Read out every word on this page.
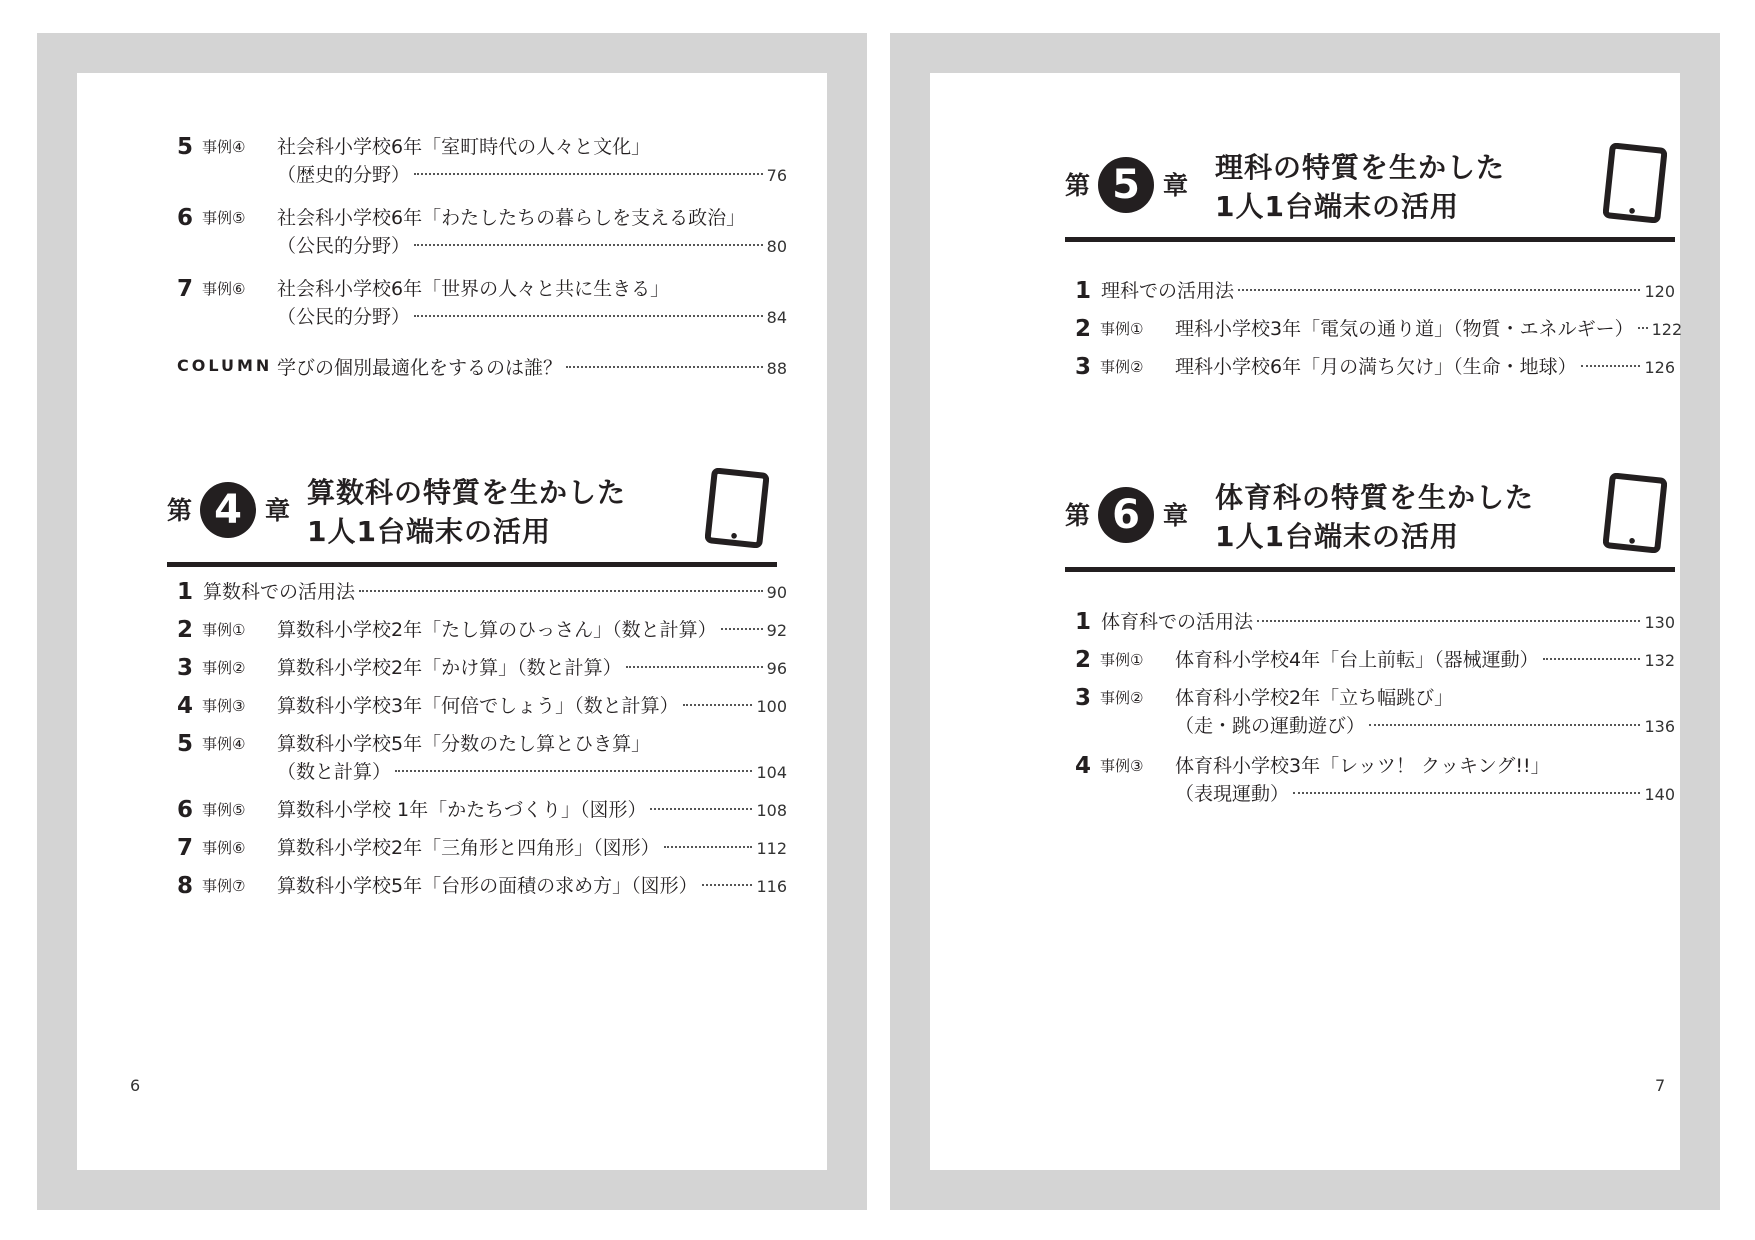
5 事例④ 社会科小学校6年「室町時代の人々と文化」
（歴史的分野）	76
6 事例⑤ 社会科小学校6年「わたしたちの暮らしを支える政治」
（公民的分野）	80
7 事例⑥ 社会科小学校6年「世界の人々と共に生きる」
（公民的分野）	84
COLUMN 学びの個別最適化をするのは誰？	88
第 4 章
算数科の特質を生かした
1人1台端末の活用
1 算数科での活用法	90
2 事例① 算数科小学校2年「たし算のひっさん」（数と計算）	92
3 事例② 算数科小学校2年「かけ算」（数と計算）	96
4 事例③ 算数科小学校3年「何倍でしょう」（数と計算）	100
5 事例④ 算数科小学校5年「分数のたし算とひき算」
（数と計算）	104
6 事例⑤ 算数科小学校 1年「かたちづくり」（図形）	108
7 事例⑥ 算数科小学校2年「三角形と四角形」（図形）	112
8 事例⑦ 算数科小学校5年「台形の面積の求め方」（図形）	116
6
第 5 章
理科の特質を生かした
1人1台端末の活用
1 理科での活用法	120
2 事例① 理科小学校3年「電気の通り道」（物質・エネルギー） 122
3 事例② 理科小学校6年「月の満ち欠け」（生命・地球）	126
第 6 章
体育科の特質を生かした
1人1台端末の活用
1 体育科での活用法	130
2 事例① 体育科小学校4年「台上前転」（器械運動）	132
3 事例② 体育科小学校2年「立ち幅跳び」
（走・跳の運動遊び）	136
4 事例③ 体育科小学校3年「レッツ！ クッキング!!」
（表現運動）	140
7
